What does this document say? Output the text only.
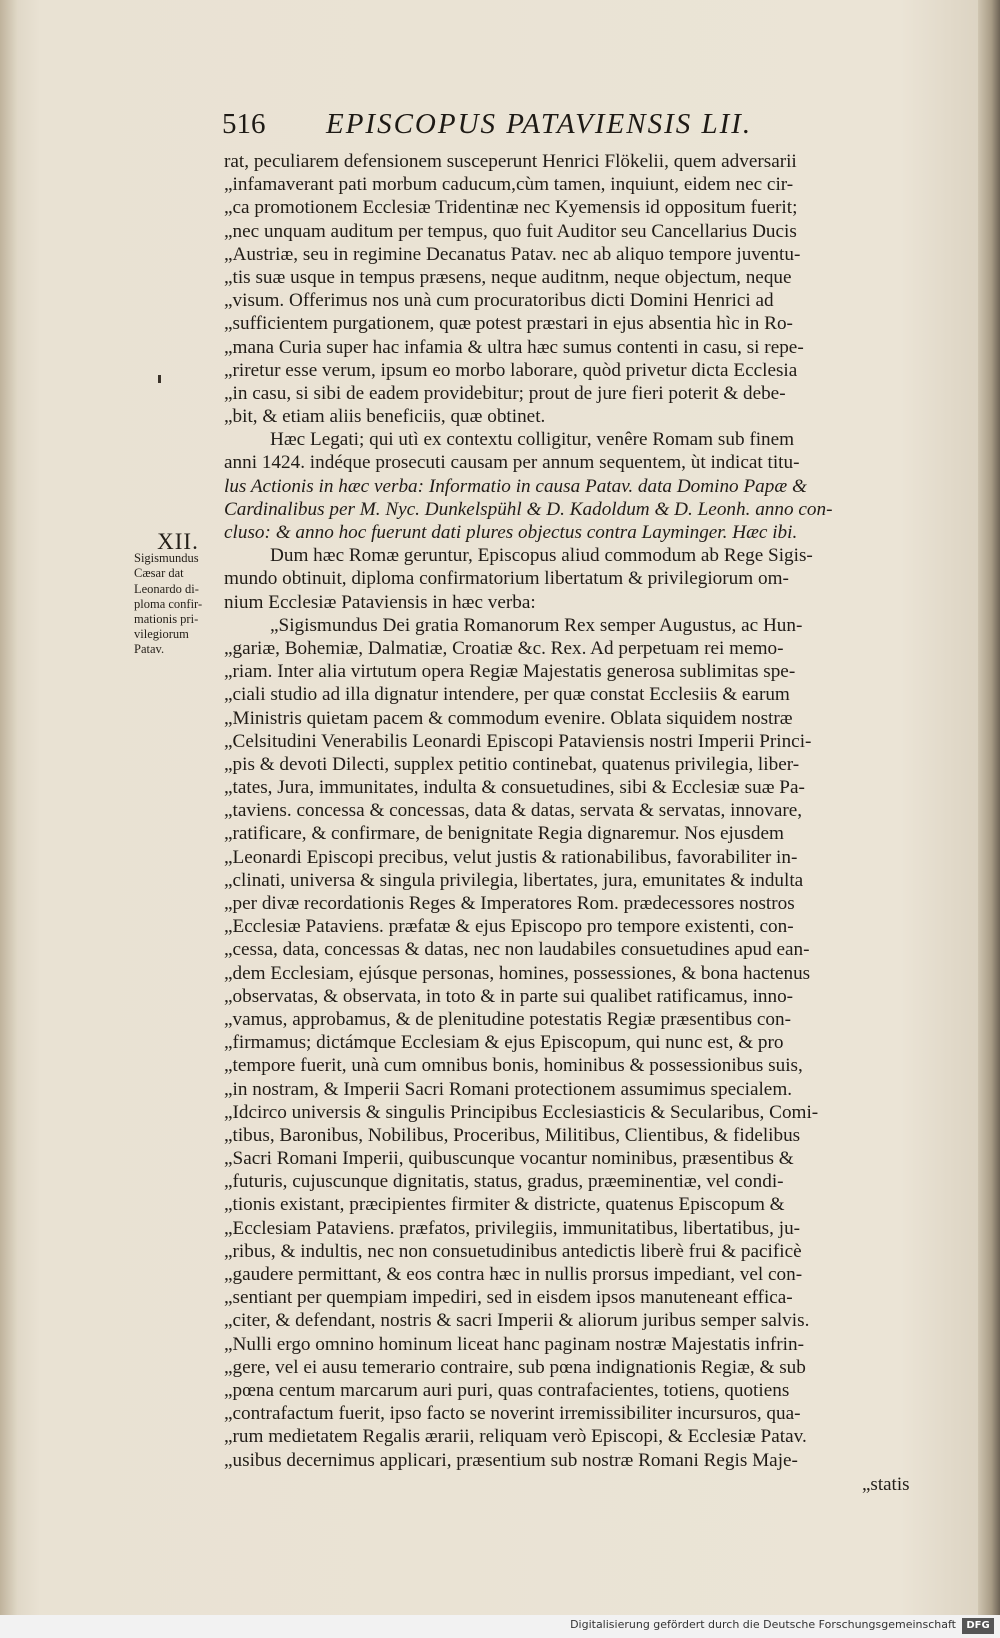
516 EPISCOPUS PATAVIENSIS LII.
XII.
Sigismundus
Cæsar dat
Leonardo di-
ploma confir-
mationis pri-
vilegiorum
Patav.
rat, peculiarem defensionem susceperunt Henrici Flökelii, quem adversarii
„infamaverant pati morbum caducum,cùm tamen, inquiunt, eidem nec cir-
„ca promotionem Ecclesiæ Tridentinæ nec Kyemensis id oppositum fuerit;
„nec unquam auditum per tempus, quo fuit Auditor seu Cancellarius Ducis
„Austriæ, seu in regimine Decanatus Patav. nec ab aliquo tempore juventu-
„tis suæ usque in tempus præsens, neque auditnm, neque objectum, neque
„visum. Offerimus nos unà cum procuratoribus dicti Domini Henrici ad
„sufficientem purgationem, quæ potest præstari in ejus absentia hìc in Ro-
„mana Curia super hac infamia & ultra hæc sumus contenti in casu, si repe-
„riretur esse verum, ipsum eo morbo laborare, quòd privetur dicta Ecclesia
„in casu, si sibi de eadem providebitur; prout de jure fieri poterit & debe-
„bit, & etiam aliis beneficiis, quæ obtinet.
Hæc Legati; qui utì ex contextu colligitur, venêre Romam sub finem
anni 1424. indéque prosecuti causam per annum sequentem, ùt indicat titu-
lus Actionis in hæc verba: Informatio in causa Patav. data Domino Papæ &
Cardinalibus per M. Nyc. Dunkelspühl & D. Kadoldum & D. Leonh. anno con-
cluso: & anno hoc fuerunt dati plures objectus contra Layminger. Hæc ibi.
Dum hæc Romæ geruntur, Episcopus aliud commodum ab Rege Sigis-
mundo obtinuit, diploma confirmatorium libertatum & privilegiorum om-
nium Ecclesiæ Pataviensis in hæc verba:
„Sigismundus Dei gratia Romanorum Rex semper Augustus, ac Hun-
„gariæ, Bohemiæ, Dalmatiæ, Croatiæ &c. Rex. Ad perpetuam rei memo-
„riam. Inter alia virtutum opera Regiæ Majestatis generosa sublimitas spe-
„ciali studio ad illa dignatur intendere, per quæ constat Ecclesiis & earum
„Ministris quietam pacem & commodum evenire. Oblata siquidem nostræ
„Celsitudini Venerabilis Leonardi Episcopi Pataviensis nostri Imperii Princi-
„pis & devoti Dilecti, supplex petitio continebat, quatenus privilegia, liber-
„tates, Jura, immunitates, indulta & consuetudines, sibi & Ecclesiæ suæ Pa-
„taviens. concessa & concessas, data & datas, servata & servatas, innovare,
„ratificare, & confirmare, de benignitate Regia dignaremur. Nos ejusdem
„Leonardi Episcopi precibus, velut justis & rationabilibus, favorabiliter in-
„clinati, universa & singula privilegia, libertates, jura, emunitates & indulta
„per divæ recordationis Reges & Imperatores Rom. prædecessores nostros
„Ecclesiæ Pataviens. præfatæ & ejus Episcopo pro tempore existenti, con-
„cessa, data, concessas & datas, nec non laudabiles consuetudines apud ean-
„dem Ecclesiam, ejúsque personas, homines, possessiones, & bona hactenus
„observatas, & observata, in toto & in parte sui qualibet ratificamus, inno-
„vamus, approbamus, & de plenitudine potestatis Regiæ præsentibus con-
„firmamus; dictámque Ecclesiam & ejus Episcopum, qui nunc est, & pro
„tempore fuerit, unà cum omnibus bonis, hominibus & possessionibus suis,
„in nostram, & Imperii Sacri Romani protectionem assumimus specialem.
„Idcirco universis & singulis Principibus Ecclesiasticis & Secularibus, Comi-
„tibus, Baronibus, Nobilibus, Proceribus, Militibus, Clientibus, & fidelibus
„Sacri Romani Imperii, quibuscunque vocantur nominibus, præsentibus &
„futuris, cujuscunque dignitatis, status, gradus, præeminentiæ, vel condi-
„tionis existant, præcipientes firmiter & districte, quatenus Episcopum &
„Ecclesiam Pataviens. præfatos, privilegiis, immunitatibus, libertatibus, ju-
„ribus, & indultis, nec non consuetudinibus antedictis liberè frui & pacificè
„gaudere permittant, & eos contra hæc in nullis prorsus impediant, vel con-
„sentiant per quempiam impediri, sed in eisdem ipsos manuteneant effica-
„citer, & defendant, nostris & sacri Imperii & aliorum juribus semper salvis.
„Nulli ergo omnino hominum liceat hanc paginam nostræ Majestatis infrin-
„gere, vel ei ausu temerario contraire, sub pœna indignationis Regiæ, & sub
„pœna centum marcarum auri puri, quas contrafacientes, totiens, quotiens
„contrafactum fuerit, ipso facto se noverint irremissibiliter incursuros, qua-
„rum medietatem Regalis ærarii, reliquam verò Episcopi, & Ecclesiæ Patav.
„usibus decernimus applicari, præsentium sub nostræ Romani Regis Maje-
„statis
Digitalisierung gefördert durch die Deutsche Forschungsgemeinschaft	DFG
